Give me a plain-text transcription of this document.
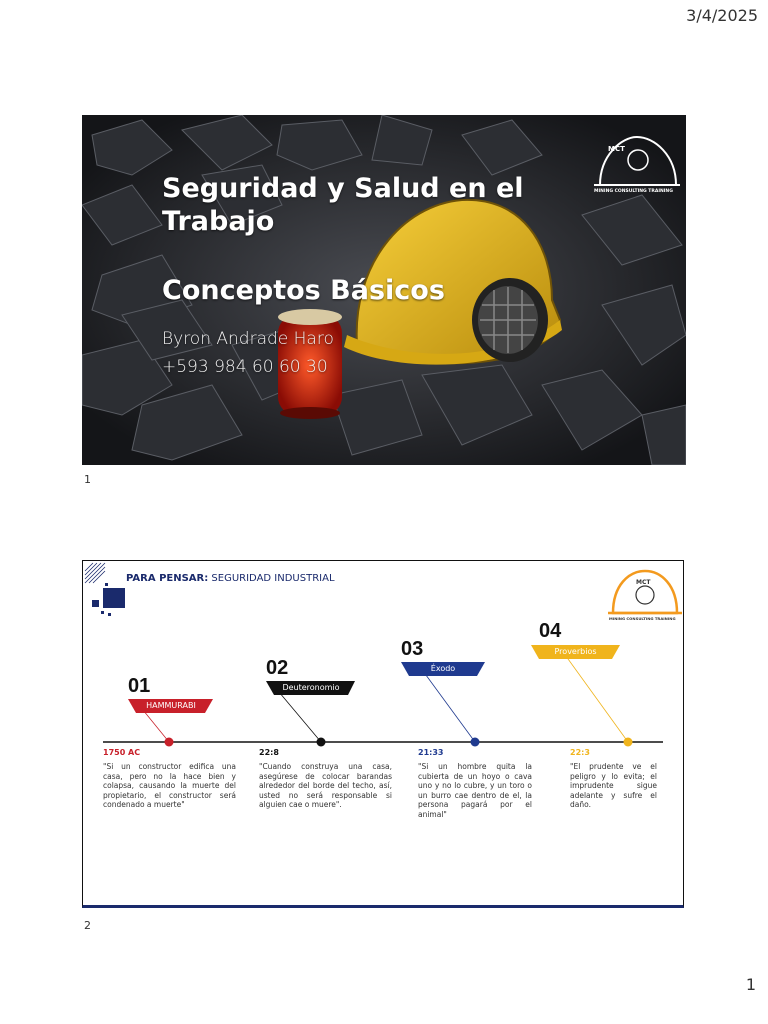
3/4/2025
MCT
MINING CONSULTING TRAINING
Seguridad y Salud en el Trabajo
Conceptos Básicos
Byron Andrade Haro
+593 984 60 60 30
1
PARA PENSAR: SEGURIDAD INDUSTRIAL	MCT
MINING CONSULTING TRAINING
01
02
03
04
HAMMURABI
Deuteronomio
Éxodo
Proverbios
1750 AC	22:8	21:33	22:3
"Si un constructor edifica una casa, pero no la hace bien y colapsa, causando la muerte del propietario, el constructor será condenado a muerte"
"Cuando construya una casa, asegúrese de colocar barandas alrededor del borde del techo, así, usted no será responsable si alguien cae o muere".
"Si un hombre quita la cubierta de un hoyo o cava uno y no lo cubre, y un toro o un burro cae dentro de el, la persona pagará por el animal"
"El prudente ve el peligro y lo evita; el imprudente sigue adelante y sufre el daño.
2
1
